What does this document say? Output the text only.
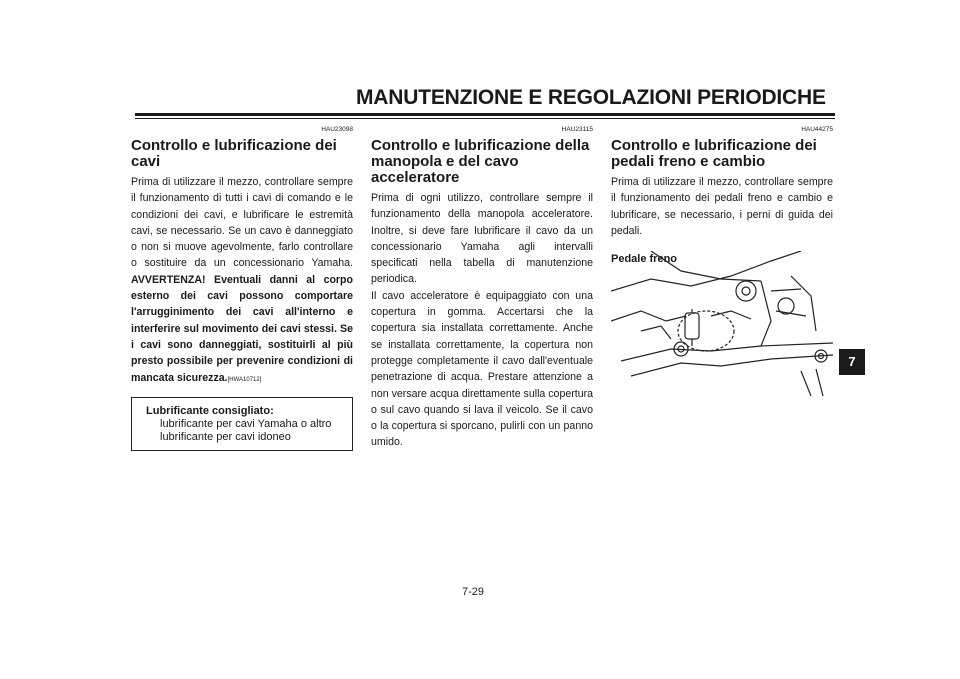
MANUTENZIONE E REGOLAZIONI PERIODICHE
HAU23098
Controllo e lubrificazione dei cavi
Prima di utilizzare il mezzo, controllare sempre il funzionamento di tutti i cavi di comando e le condizioni dei cavi, e lubrificare le estremità cavi, se necessario. Se un cavo è danneggiato o non si muove agevolmente, farlo controllare o sostituire da un concessionario Yamaha. AVVERTENZA! Eventuali danni al corpo esterno dei cavi possono comportare l'arrugginimento dei cavi all'interno e interferire sul movimento dei cavi stessi. Se i cavi sono danneggiati, sostituirli al più presto possibile per prevenire condizioni di mancata sicurezza.[HWA10712]
Lubrificante consigliato:
lubrificante per cavi Yamaha o altro
lubrificante per cavi idoneo
HAU23115
Controllo e lubrificazione della manopola e del cavo acceleratore
Prima di ogni utilizzo, controllare sempre il funzionamento della manopola acceleratore. Inoltre, si deve fare lubrificare il cavo da un concessionario Yamaha agli intervalli specificati nella tabella di manutenzione periodica.
Il cavo acceleratore è equipaggiato con una copertura in gomma. Accertarsi che la copertura sia installata correttamente. Anche se installata correttamente, la copertura non protegge completamente il cavo dall'eventuale penetrazione di acqua. Prestare attenzione a non versare acqua direttamente sulla copertura o sul cavo quando si lava il veicolo. Se il cavo o la copertura si sporcano, pulirli con un panno umido.
HAU44275
Controllo e lubrificazione dei pedali freno e cambio
Prima di utilizzare il mezzo, controllare sempre il funzionamento dei pedali freno e cambio e lubrificare, se necessario, i perni di guida dei pedali.
Pedale freno
7-29
7
